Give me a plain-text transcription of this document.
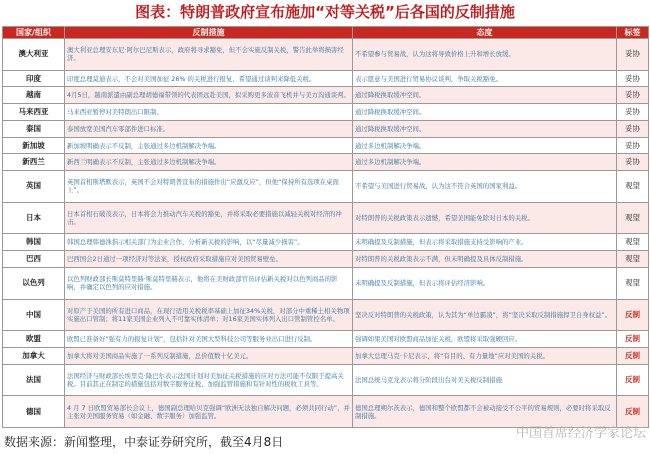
图表：特朗普政府宣布施加“对等关税”后各国的反制措施
国家/组织	反制措施	态度	标签
澳大利亚	澳大利亚总理安东尼·阿尔巴尼斯表示，政府将寻求豁免，但不会实施反制关税，警告此举将损害经济。	不希望参与贸易战，认为这将导致价格上升和增长放缓。	妥协
印度	印度总理莫迪表示，不会对美国加征 26% 的关税进行报复，希望通过谈判来降低关税。	表示愿意与美国进行贸易协议谈判，争取关税豁免。	妥协
越南	4月5日，越南派遣由副总理胡德福带领的代表团远赴美国，拟采购更多波音飞机并与美方沟通谈判。	通过降税换取缓冲空间。	妥协
马来西亚	马来西亚暂停对美特朗出口限制。	通过降税换取缓冲空间。	妥协
泰国	泰国放宽美国汽车零部件进口标准。	通过降税换取缓冲空间。	妥协
新加坡	新加坡明确表示不反制，主张通过多边机制解决争端。	通过多边机制解决争端。	妥协
新西兰	新西兰明确表示不反制，主张通过多边机制解决争端。	通过多边机制解决争端。	妥协
英国	英国首相斯塔默表示，英国不会对特朗普宣布的措施作出“应激反应”，但他“保持所有选项在桌面上”。	不希望与美国进行贸易战，认为这不符合英国的国家利益。	观望
日本	日本首相石破茂表示，日本将会力推动汽车关税的豁免，并将采取必要措施以减轻关税对经济的冲击。	对特朗普的关税政策表示遗憾，希望美国能免除对日本的关税。	观望
韩国	韩国总理韩德洙指示相关部门为企业合作，分析新关税的影响，以“尽量减少损害”。	未明确提及反制措施，但表示将采取措施支持受影响的产业。	观望
巴西	巴西国会2日通过一项经济对等法案，授权政府采取措施应对美国贸易壁垒。	对特朗普的关税政策表示不满，但未明确提及具体反制措施。	观望
以色列	以色列财政部长斯莫特里赫·斯莫特里赫表示，他将在美财政部官员评估新关税对以色列商品的影响，并确定以色列的应对措施。	未明确提及反制措施，但表示将评估经济影响。	观望
中国	对原产于美国的所有进口商品，在现行适用关税税率基础上加征34%关税，对部分中重稀土相关物项实施出口管制；将11家美国企业列入不可靠实体清单；对16家美国实体列入出口管制管控名单。	坚决反对特朗普的关税政策，认为其为“单边霸凌”，将“坚决采取反制措施捍卫自身权益”。	反制
欧盟	欧盟已准备好“强有力的报复计划”，包括针对美国大型科技公司等服务业出口进行反制。	强调如果美国对欧盟商品加征关税，欧盟将采取强硬回应。	反制
加拿大	加拿大将对美国商品实施了一系列反制措施，总价值数十亿美元。	加拿大总理马克·卡尼表示，将“有目的、有力量地”应对美国的关税。	反制
法国	法国经济与财政部长埃里克·隆巴尔表示法国计划对美加征关税措施的应对方法可能不仅限于提高关税。目前其正在制定的措施包括对数字服务征税、加强监管措施和有针对性的税收工具等。	法国总统马克龙表示将分阶段出台对美关税反制措施	反制
德国	4 月 7 日欧盟贸易部长会议上，德国副总理哈贝克强调“欧洲无法独自解决问题，必须共同行动”，并主张对美国服务贸易（如金融、数字服务）加强监管。	德国总理朔尔茨表示，德国和整个欧盟都不会被动接受不公平的贸易规则，必要时将采取反制措施。	反制
数据来源：新闻整理，中泰证券研究所，截至4月8日
中国首席经济学家论坛
